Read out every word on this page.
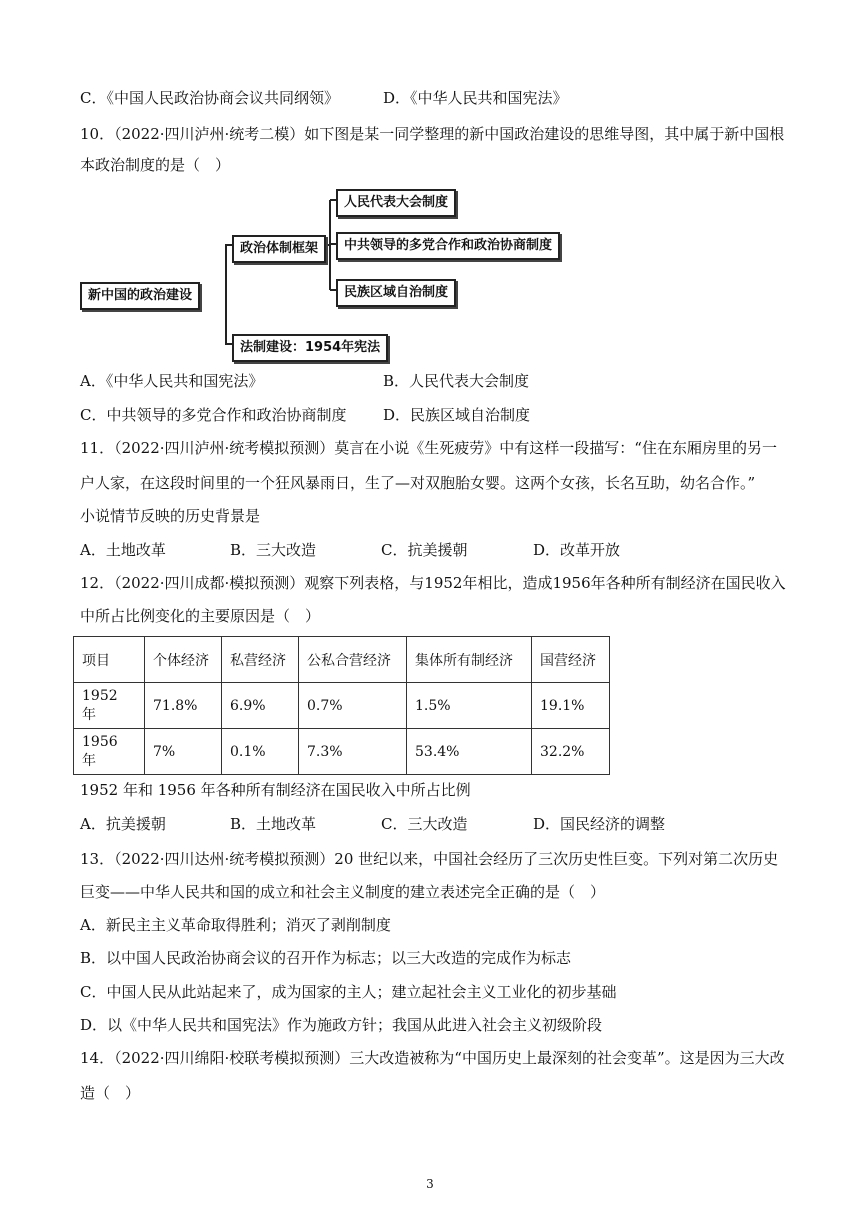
C．《中国人民政治协商会议共同纲领》	D．《中华人民共和国宪法》
10．（2022·四川泸州·统考二模）如下图是某一同学整理的新中国政治建设的思维导图，其中属于新中国根
本政治制度的是（　）
新中国的政治建设
政治体制框架
人民代表大会制度
中共领导的多党合作和政治协商制度
民族区域自治制度
法制建设：1954年宪法
A．《中华人民共和国宪法》	B．人民代表大会制度
C．中共领导的多党合作和政治协商制度 D．民族区域自治制度
11．（2022·四川泸州·统考模拟预测）莫言在小说《生死疲劳》中有这样一段描写：“住在东厢房里的另一
户人家，在这段时间里的一个狂风暴雨日，生了—对双胞胎女婴。这两个女孩，长名互助，幼名合作。”
小说情节反映的历史背景是
A．土地改革	B．三大改造	C．抗美援朝	D．改革开放
12．（2022·四川成都·模拟预测）观察下列表格，与1952年相比，造成1956年各种所有制经济在国民收入
中所占比例变化的主要原因是（　）
项目	个体经济	私营经济	公私合营经济	集体所有制经济	国营经济
1952 年	71.8%	6.9%	0.7%	1.5%	19.1%
1956 年	7%	0.1%	7.3%	53.4%	32.2%
1952 年和 1956 年各种所有制经济在国民收入中所占比例
A．抗美援朝	B．土地改革	C．三大改造	D．国民经济的调整
13．（2022·四川达州·统考模拟预测）20 世纪以来，中国社会经历了三次历史性巨变。下列对第二次历史
巨变——中华人民共和国的成立和社会主义制度的建立表述完全正确的是（　）
A．新民主主义革命取得胜利；消灭了剥削制度
B．以中国人民政治协商会议的召开作为标志；以三大改造的完成作为标志
C．中国人民从此站起来了，成为国家的主人；建立起社会主义工业化的初步基础
D．以《中华人民共和国宪法》作为施政方针；我国从此进入社会主义初级阶段
14．（2022·四川绵阳·校联考模拟预测）三大改造被称为“中国历史上最深刻的社会变革”。这是因为三大改
造（　）
3
